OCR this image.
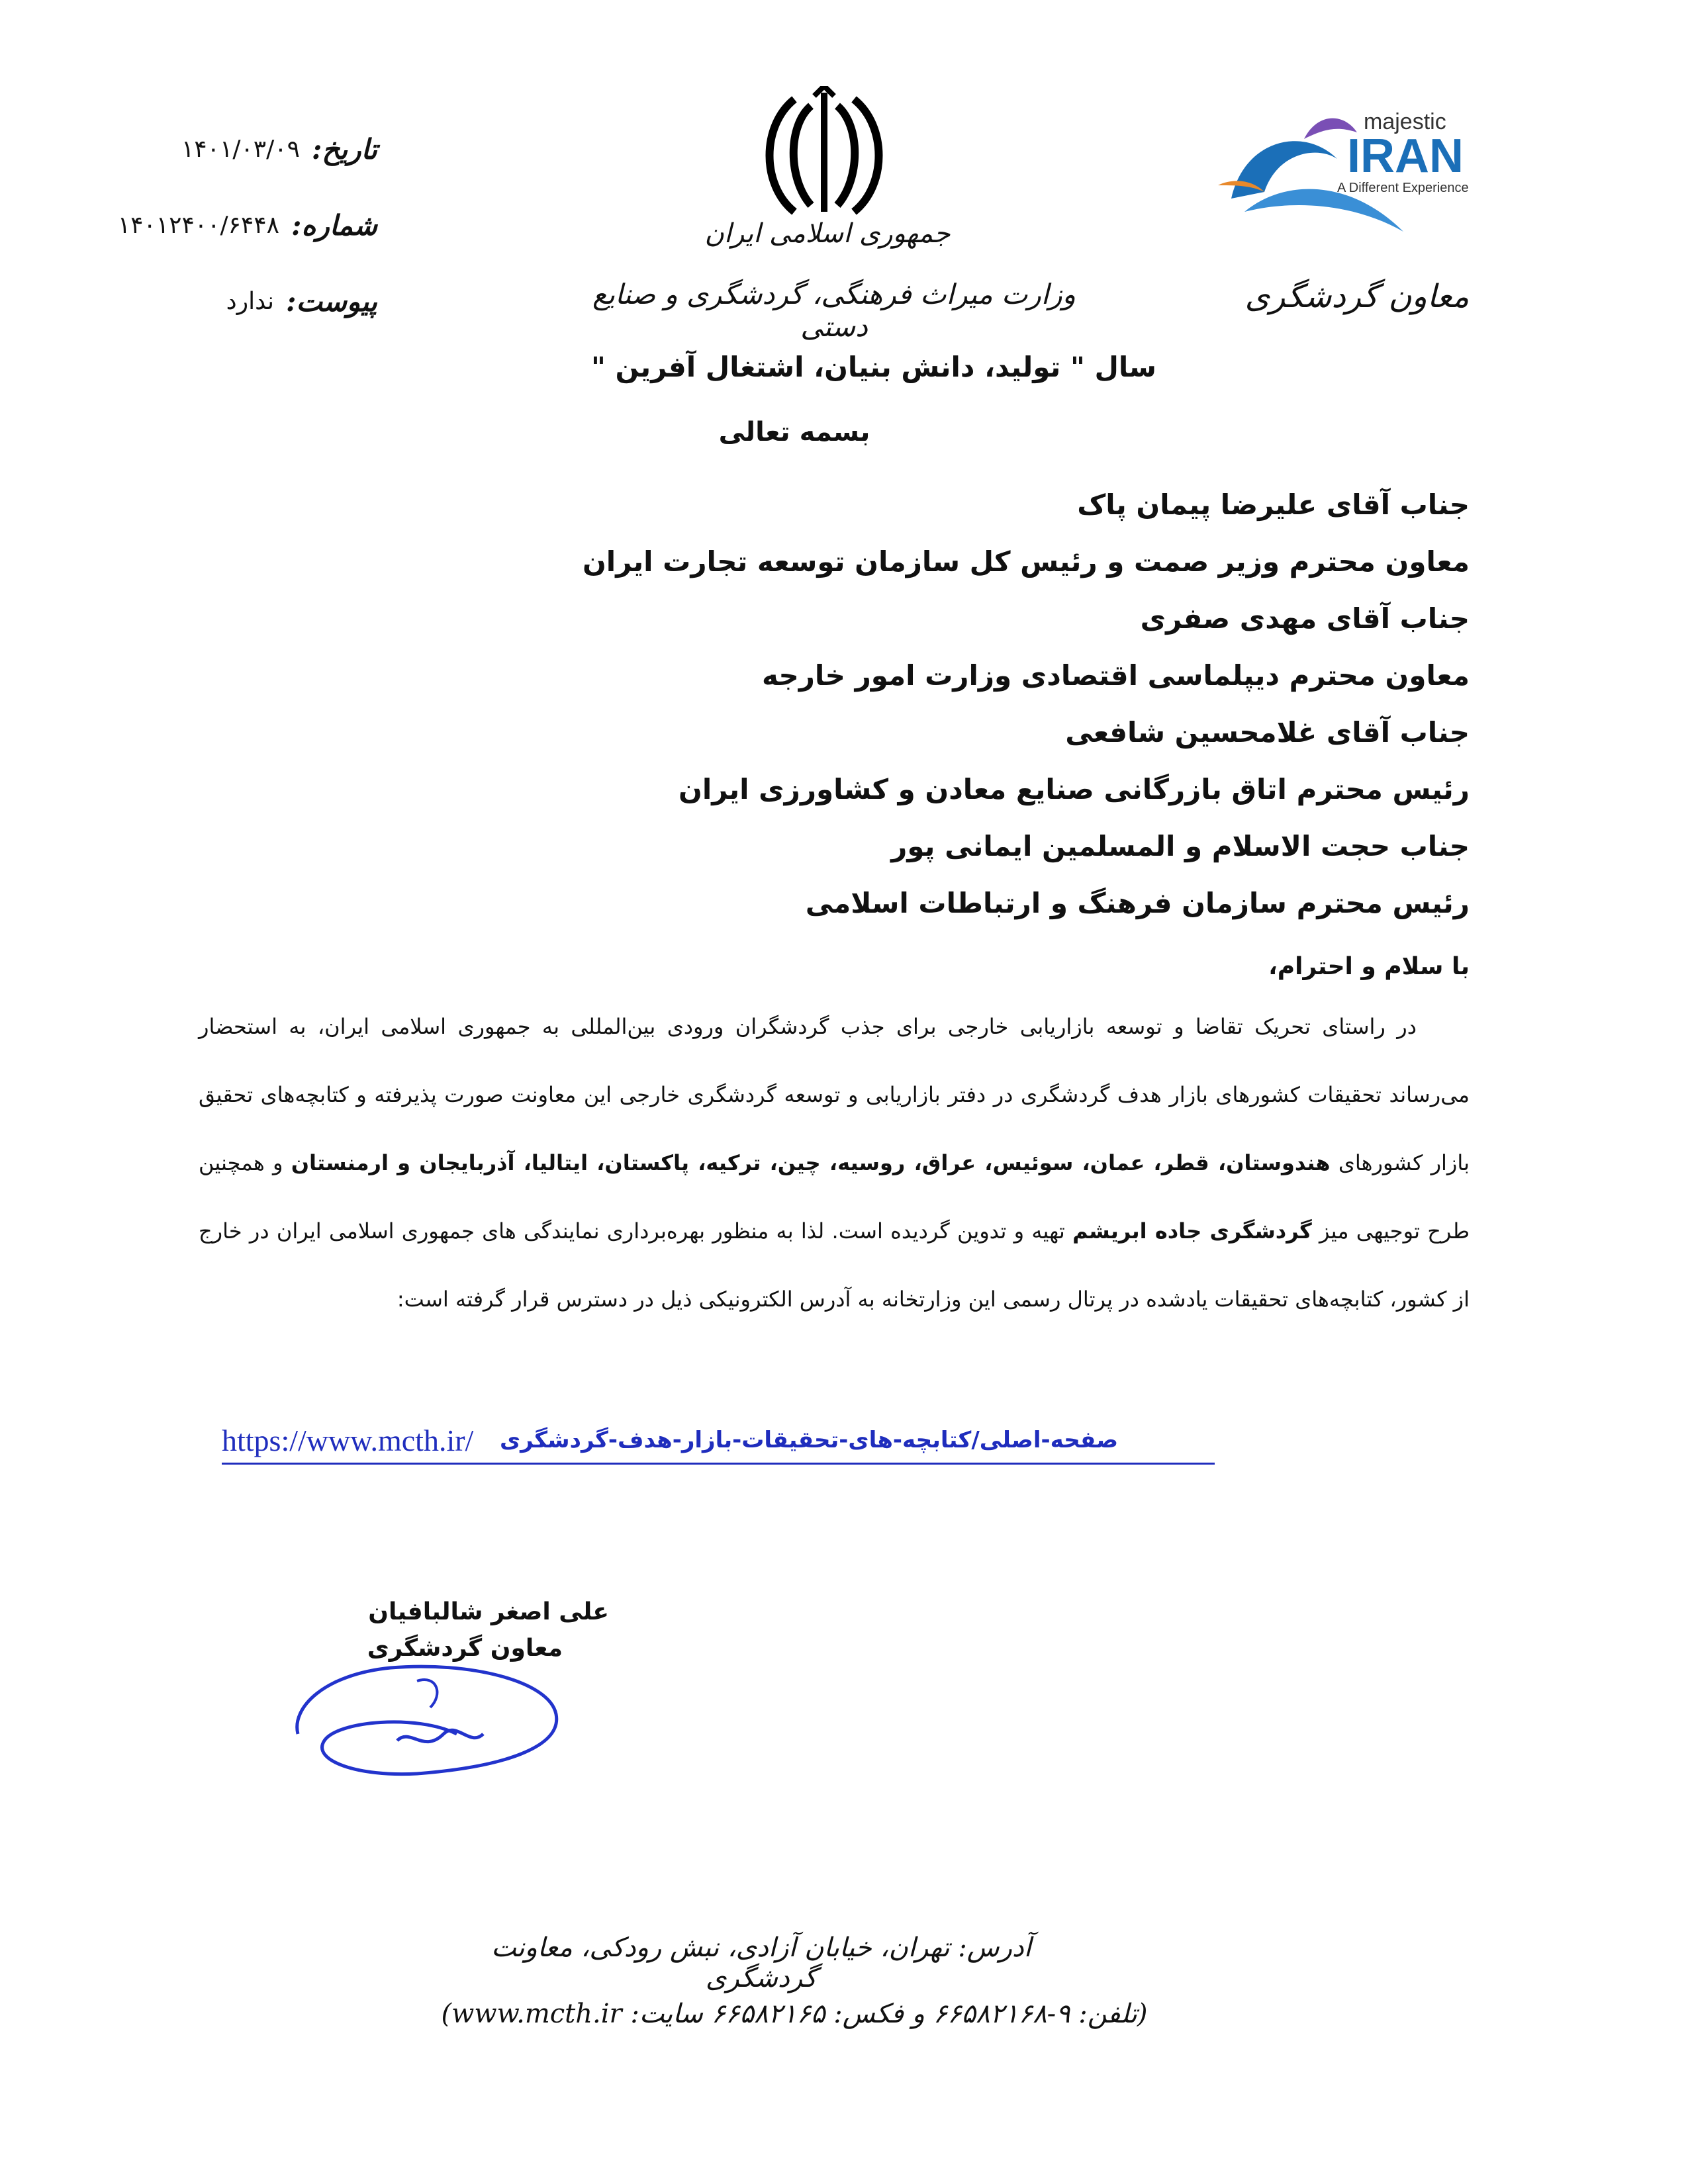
majestic
IRAN
A Different Experience
معاون گردشگری
جمهوری اسلامی ایران
وزارت میراث فرهنگی، گردشگری و صنایع دستی
تاریخ:
۱۴۰۱/۰۳/۰۹
شماره:
۱۴۰۱۲۴۰۰/۶۴۴۸
پیوست:
ندارد
سال " تولید، دانش بنیان، اشتغال آفرین "
بسمه تعالی
جناب آقای علیرضا پیمان پاک
معاون محترم وزیر صمت و رئیس کل سازمان توسعه تجارت ایران
جناب آقای مهدی صفری
معاون محترم دیپلماسی اقتصادی وزارت امور خارجه
جناب آقای غلامحسین شافعی
رئیس محترم اتاق بازرگانی صنایع معادن و کشاورزی ایران
جناب حجت الاسلام و المسلمین ایمانی پور
رئیس محترم سازمان فرهنگ و ارتباطات اسلامی
با سلام و احترام،

در راستای تحریک تقاضا و توسعه بازاریابی خارجی برای جذب گردشگران ورودی بین‌المللی به جمهوری اسلامی ایران، به استحضار می‌رساند تحقیقات کشورهای بازار هدف گردشگری در دفتر بازاریابی و توسعه گردشگری خارجی این معاونت صورت پذیرفته و کتابچه‌های تحقیق بازار کشورهای هندوستان، قطر، عمان، سوئیس، عراق، روسیه، چین، ترکیه، پاکستان، ایتالیا، آذربایجان و ارمنستان و همچنین طرح توجیهی میز گردشگری جاده ابریشم تهیه و تدوین گردیده است. لذا به منظور بهره‌برداری نمایندگی های جمهوری اسلامی ایران در خارج از کشور، کتابچه‌های تحقیقات یادشده در پرتال رسمی این وزارتخانه به آدرس الکترونیکی ذیل در دسترس قرار گرفته است:

https://www.mcth.ir/ صفحه-اصلی/کتابچه-های-تحقیقات-بازار-هدف-گردشگری
علی اصغر شالبافیان
معاون گردشگری
آدرس: تهران، خیابان آزادی، نبش رودکی، معاونت گردشگری
(تلفن: ۹-۶۶۵۸۲۱۶۸ و فکس: ۶۶۵۸۲۱۶۵ سایت: www.mcth.ir)
